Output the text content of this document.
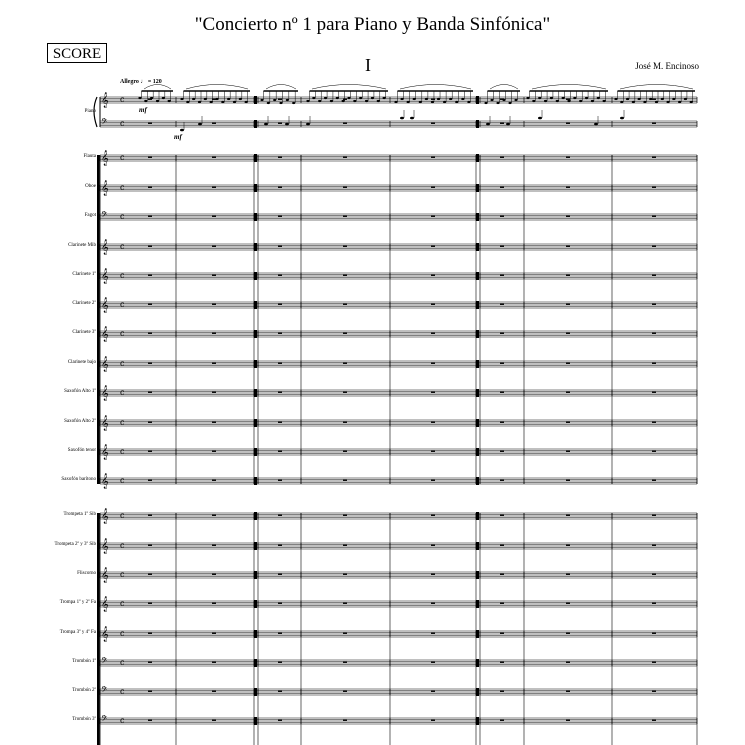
"Concierto nº 1 para Piano y Banda Sinfónica"
SCORE
I	José M. Encinoso
Allegro ♩ = 120
Piano	mf
mf
Flauta
Oboe
Fagot
Clarinete Mib
Clarinete 1º
Clarinete 2º
Clarinete 3º
Clarinete bajo
Saxofón Alto 1º
Saxofón Alto 2º
Saxofón tenor
Saxofón barítono
Trompeta 1º Sib
Trompeta 2º y 3º Sib
Fliscorno
Trompa 1º y 2º Fa
Trompa 3º y 4º Fa
Trombón 1º
Trombón 2º
Trombón 3º
𝄞 c
𝄢 c
𝄞 c
𝄞 c
𝄢 c
𝄞 c
𝄞 c
𝄞 c
𝄞 c
𝄞 c
𝄞 c
𝄞 c
𝄞 c
𝄞 c
𝄞 c
𝄞 c
𝄞 c
𝄞 c
𝄞 c
𝄢 c
𝄢 c
𝄢 c
